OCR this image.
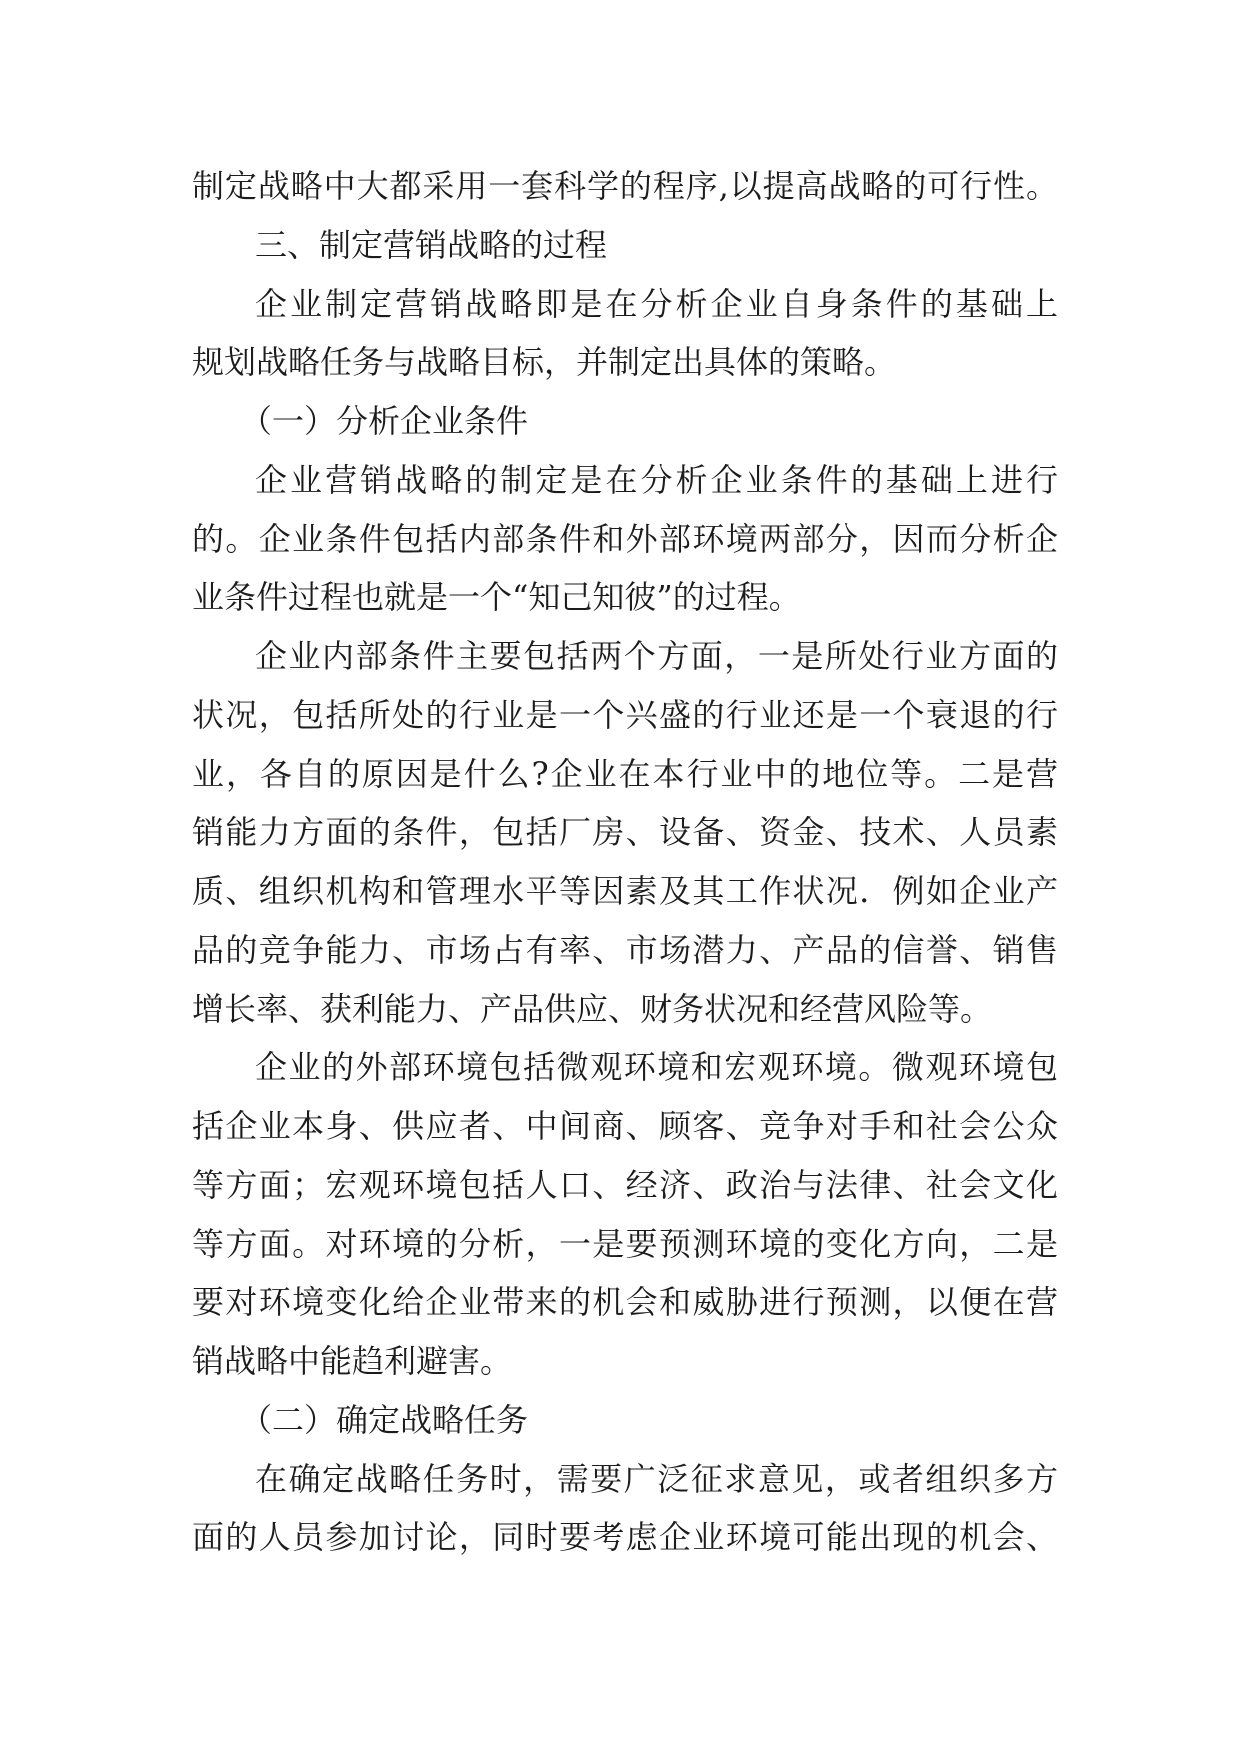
制定战略中大都采用一套科学的程序,以提高战略的可行性。
三、制定营销战略的过程
企业制定营销战略即是在分析企业自身条件的基础上
规划战略任务与战略目标，并制定出具体的策略。
（一）分析企业条件
企业营销战略的制定是在分析企业条件的基础上进行
的。企业条件包括内部条件和外部环境两部分，因而分析企
业条件过程也就是一个“知己知彼”的过程。
企业内部条件主要包括两个方面，一是所处行业方面的
状况，包括所处的行业是一个兴盛的行业还是一个衰退的行
业，各自的原因是什么?企业在本行业中的地位等。二是营
销能力方面的条件，包括厂房、设备、资金、技术、人员素
质、组织机构和管理水平等因素及其工作状况．例如企业产
品的竞争能力、市场占有率、市场潜力、产品的信誉、销售
增长率、获利能力、产品供应、财务状况和经营风险等。
企业的外部环境包括微观环境和宏观环境。微观环境包
括企业本身、供应者、中间商、顾客、竞争对手和社会公众
等方面；宏观环境包括人口、经济、政治与法律、社会文化
等方面。对环境的分析，一是要预测环境的变化方向，二是
要对环境变化给企业带来的机会和威胁进行预测，以便在营
销战略中能趋利避害。
（二）确定战略任务
在确定战略任务时，需要广泛征求意见，或者组织多方
面的人员参加讨论，同时要考虑企业环境可能出现的机会、
